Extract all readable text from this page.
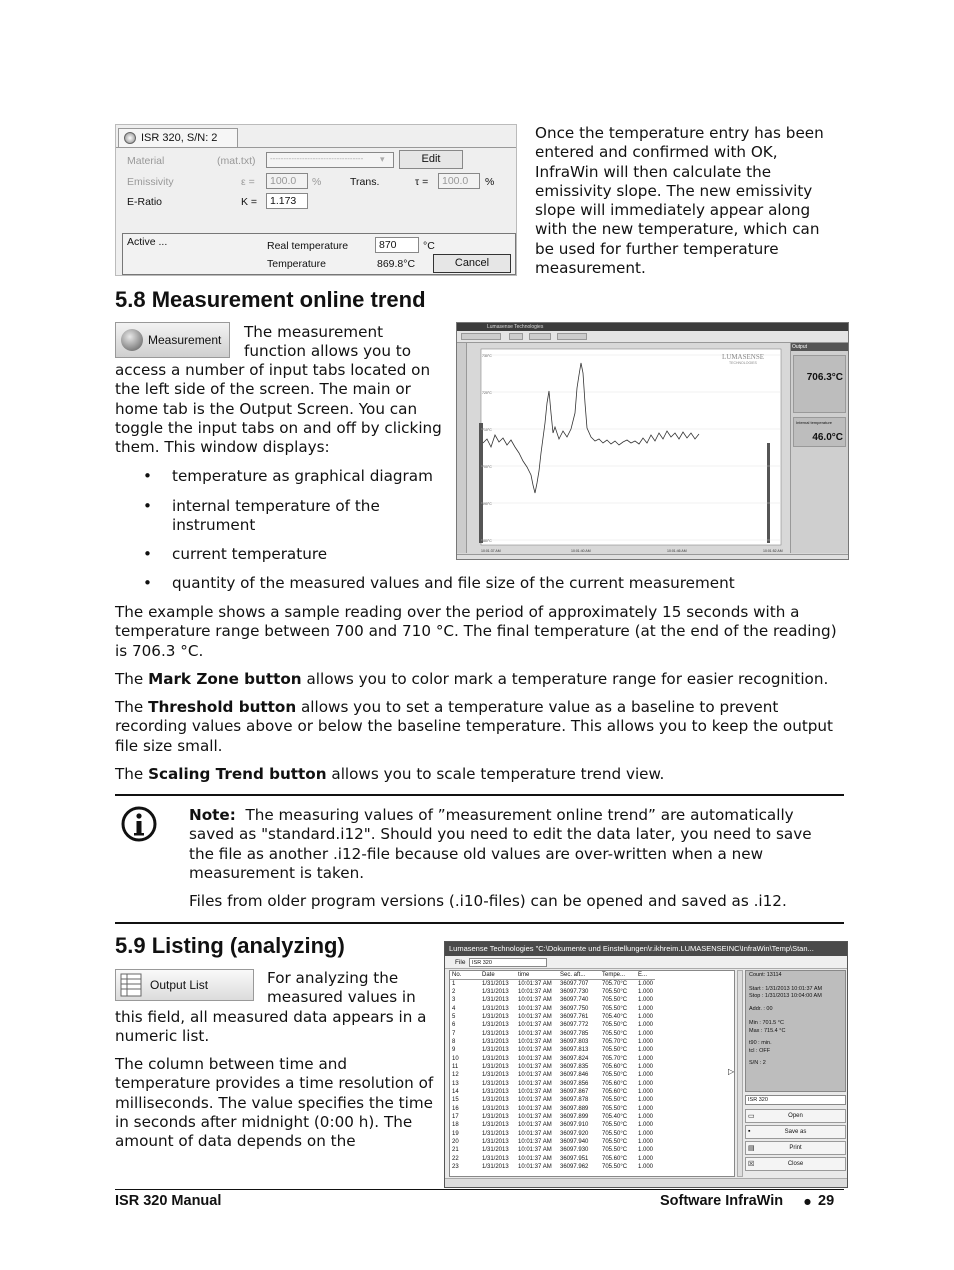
ISR 320, S/N: 2
Material	(mat.txt)	-----------------------------------	▾	Edit
Emissivity	ε =	100.0	%	Trans.	τ =	100.0	%
E-Ratio	K =	1.173
Active ...	Real temperature	870	°C
Temperature	869.8°C	Cancel

Once the temperature entry has been entered and confirmed with OK, InfraWin will then calculate the emissivity slope. The new emissivity slope will immediately appear along with the new temperature, which can be used for further temperature measurement.

5.8 Measurement online trend
Measurement The measurement function allows you to

access a number of input tabs located on the left side of the screen. The main or home tab is the Output Screen. You can toggle the input tabs on and off by clicking them. This window displays:

• temperature as graphical diagram
• internal temperature of the instrument
• current temperature
• quantity of the measured values and file size of the current measurement
Lumasense Technologies
730°C
720°C
710°C
700°C
690°C
680°C
10:01:37 AM	10:01:40 AM	10:01:46 AM	10:01:52 AM
LUMASENSE
TECHNOLOGIES
Output
706.3°C
Internal temperature
46.0°C

The example shows a sample reading over the period of approximately 15 seconds with a temperature range between 700 and 710 °C. The final temperature (at the end of the reading) is 706.3 °C.

The Mark Zone button allows you to color mark a temperature range for easier recognition.

The Threshold button allows you to set a temperature value as a baseline to prevent recording values above or below the baseline temperature. This allows you to keep the output file size small.

The Scaling Trend button allows you to scale temperature trend view.

Note: The measuring values of ”measurement online trend” are automatically saved as "standard.i12". Should you need to edit the data later, you need to save the file as another .i12-file because old values are over-written when a new measurement is taken.

Files from older program versions (.i10-files) can be opened and saved as .i12.

5.9 Listing (analyzing)
Output List	For analyzing the measured values in

this field, all measured data appears in a numeric list.

The column between time and temperature provides a time resolution of milliseconds. The value specifies the time in seconds after midnight (0:00 h). The amount of data depends on the

Lumasense Technologies "C:\Dokumente und Einstellungen\r.ikhreim.LUMASENSEINC\InfraWin\Temp\Stan...
File	ISR 320
No.	Date	time	Sec. aft...	Tempe...	E...
1	1/31/2013	10:01:37 AM	36097.707	705.70°C	1.000
2	1/31/2013	10:01:37 AM	36097.730	705.50°C	1.000
3	1/31/2013	10:01:37 AM	36097.740	705.50°C	1.000
4	1/31/2013	10:01:37 AM	36097.750	705.50°C	1.000
5	1/31/2013	10:01:37 AM	36097.761	705.40°C	1.000
6	1/31/2013	10:01:37 AM	36097.772	705.50°C	1.000
7	1/31/2013	10:01:37 AM	36097.785	705.50°C	1.000
8	1/31/2013	10:01:37 AM	36097.803	705.70°C	1.000
9	1/31/2013	10:01:37 AM	36097.813	705.50°C	1.000
10	1/31/2013	10:01:37 AM	36097.824	705.70°C	1.000
11	1/31/2013	10:01:37 AM	36097.835	705.60°C	1.000
12	1/31/2013	10:01:37 AM	36097.846	705.50°C	1.000
13	1/31/2013	10:01:37 AM	36097.856	705.60°C	1.000
14	1/31/2013	10:01:37 AM	36097.867	705.60°C	1.000
15	1/31/2013	10:01:37 AM	36097.878	705.50°C	1.000
16	1/31/2013	10:01:37 AM	36097.889	705.50°C	1.000
17	1/31/2013	10:01:37 AM	36097.899	705.40°C	1.000
18	1/31/2013	10:01:37 AM	36097.910	705.50°C	1.000
19	1/31/2013	10:01:37 AM	36097.920	705.50°C	1.000
20	1/31/2013	10:01:37 AM	36097.940	705.50°C	1.000
21	1/31/2013	10:01:37 AM	36097.930	705.50°C	1.000
22	1/31/2013	10:01:37 AM	36097.951	705.60°C	1.000
23	1/31/2013	10:01:37 AM	36097.962	705.50°C	1.000
▷
Count: 13114
Start : 1/31/2013 10:01:37 AM
Stop : 1/31/2013 10:04:00 AM
Addr. : 00
Min : 701.5 °C
Max : 715.4 °C
t90 : min.
tcl : OFF
S/N : 2
ISR 320
▭	Open
▪	Save as
▤	Print
☒	Close
ISR 320 Manual	Software InfraWin	● 29
